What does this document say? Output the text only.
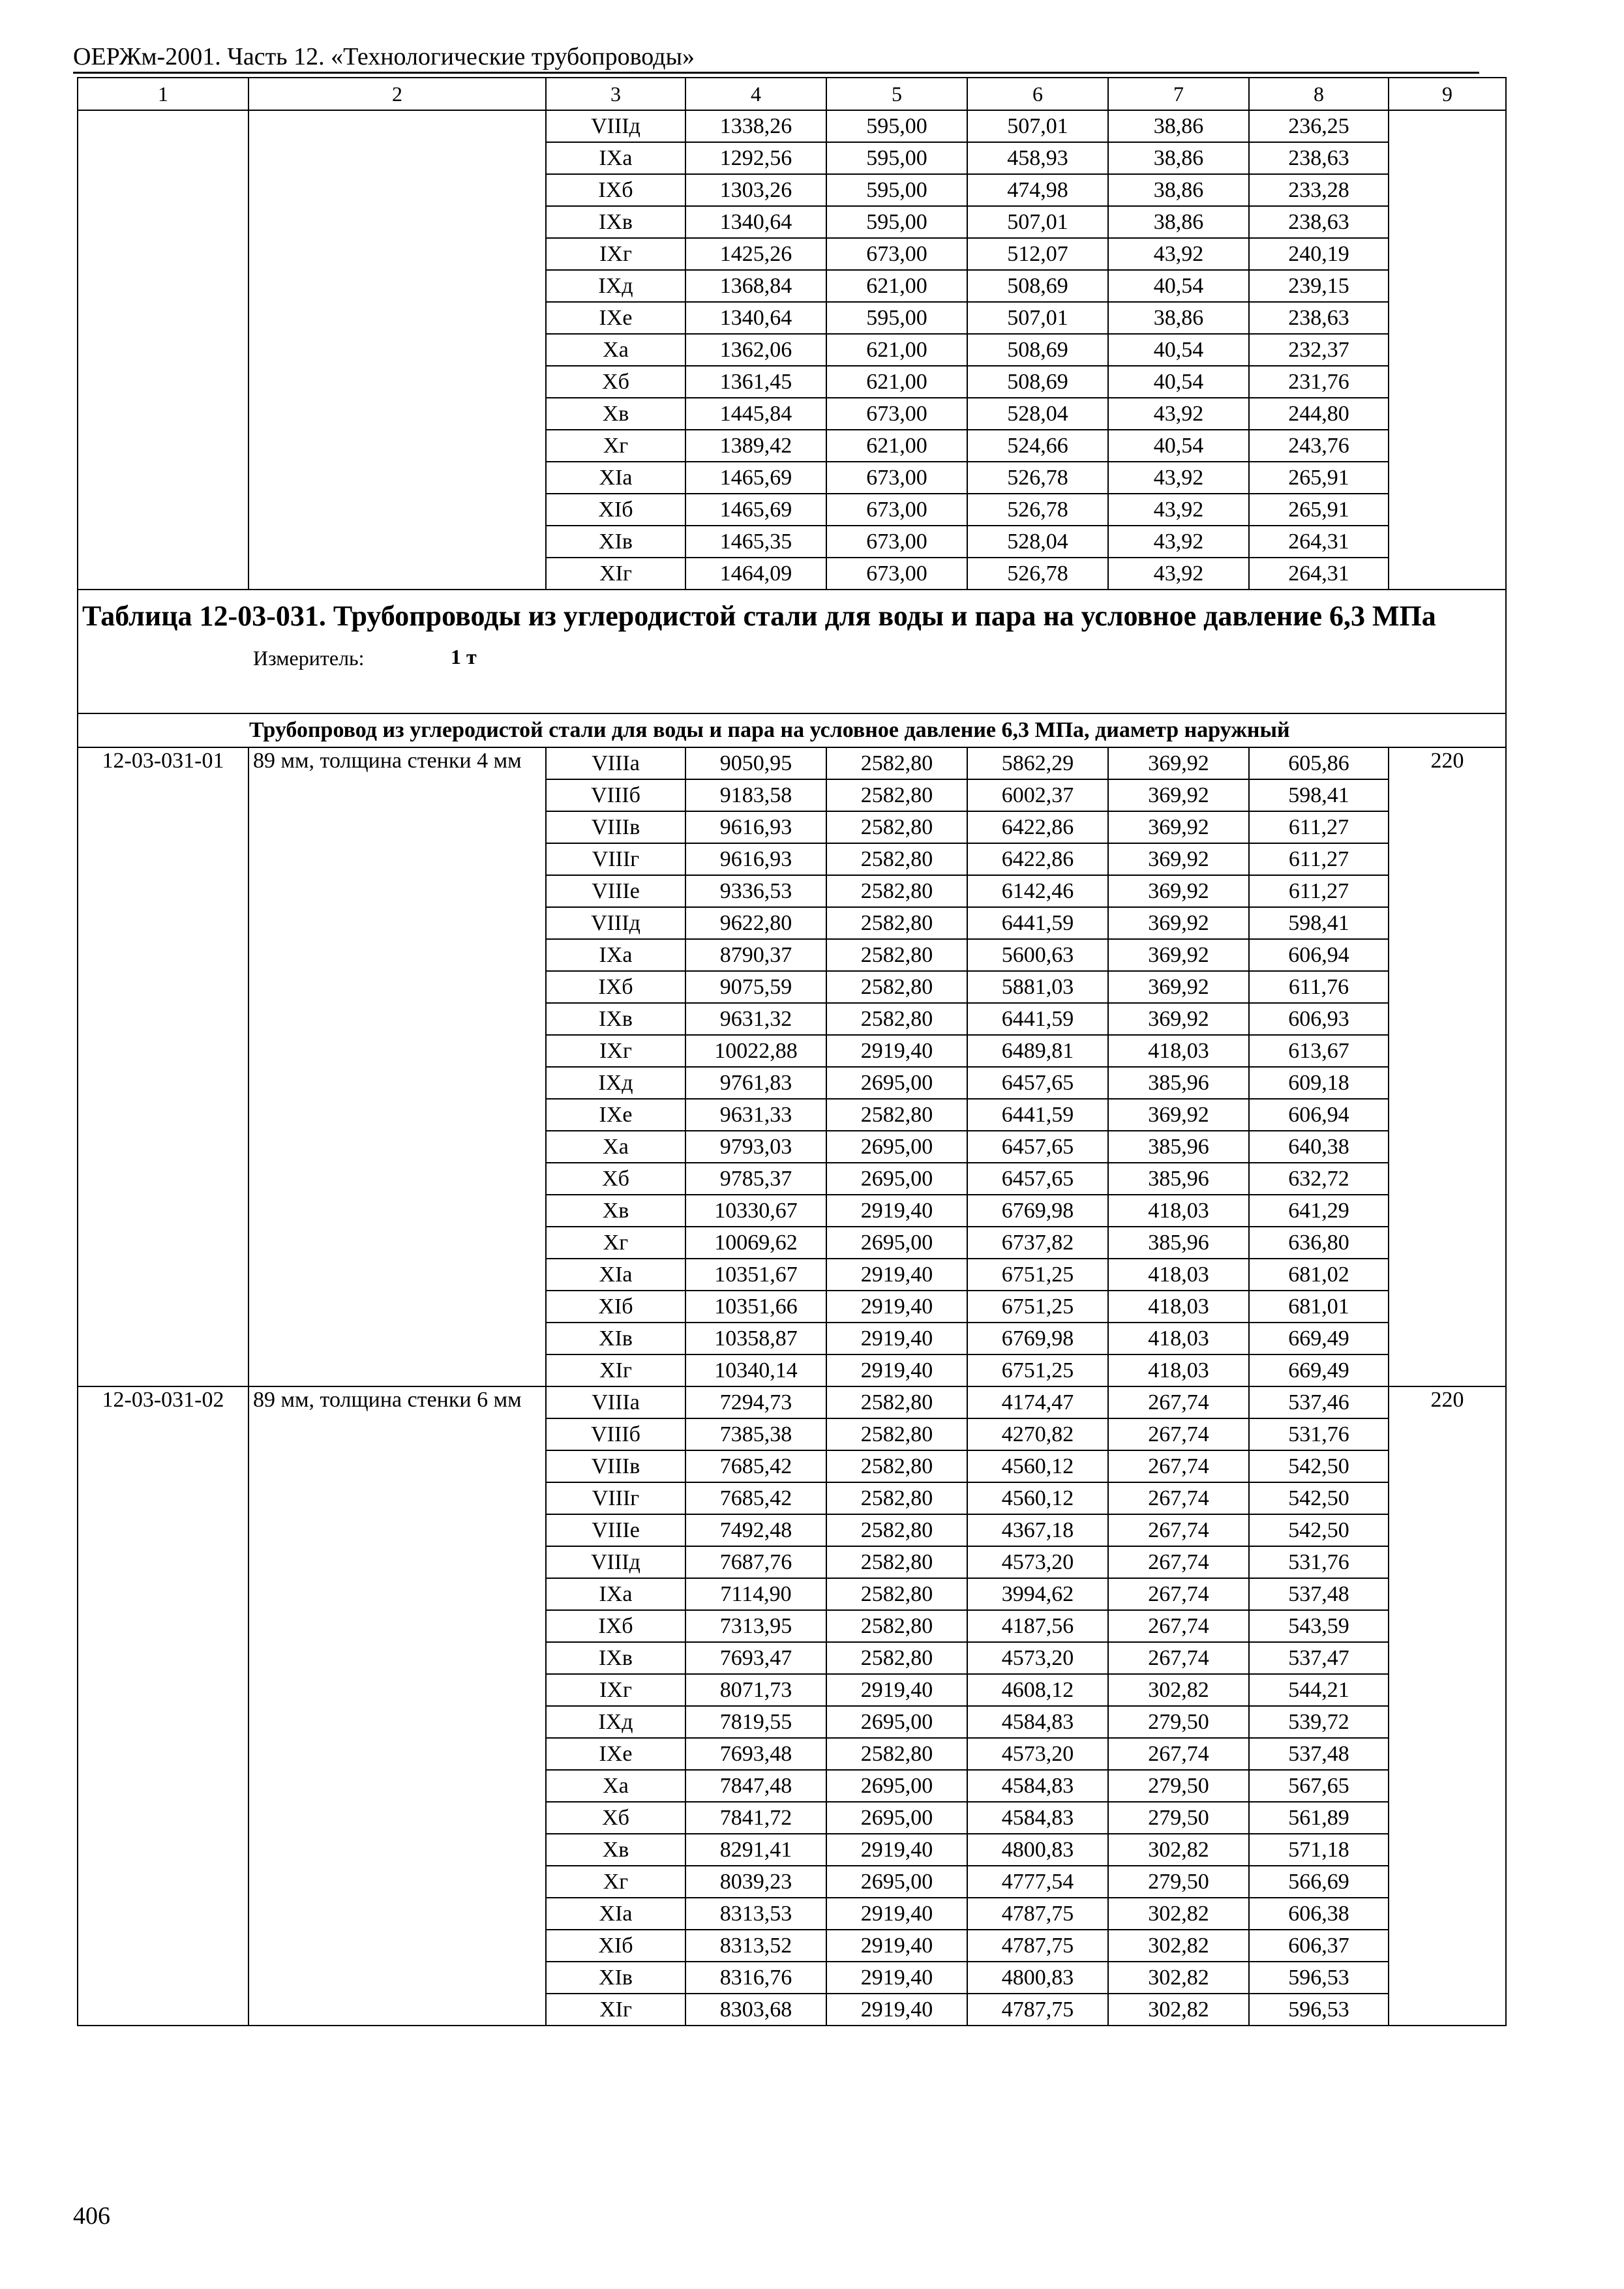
ОЕРЖм-2001. Часть 12. «Технологические трубопроводы»
1	2	3	4	5	6	7	8	9
		VIIIд	1338,26	595,00	507,01	38,86	236,25	
		IXа	1292,56	595,00	458,93	38,86	238,63	
		IXб	1303,26	595,00	474,98	38,86	233,28	
		IXв	1340,64	595,00	507,01	38,86	238,63	
		IXг	1425,26	673,00	512,07	43,92	240,19	
		IXд	1368,84	621,00	508,69	40,54	239,15	
		IXе	1340,64	595,00	507,01	38,86	238,63	
		Xа	1362,06	621,00	508,69	40,54	232,37	
		Xб	1361,45	621,00	508,69	40,54	231,76	
		Xв	1445,84	673,00	528,04	43,92	244,80	
		Xг	1389,42	621,00	524,66	40,54	243,76	
		XIа	1465,69	673,00	526,78	43,92	265,91	
		XIб	1465,69	673,00	526,78	43,92	265,91	
		XIв	1465,35	673,00	528,04	43,92	264,31	
		XIг	1464,09	673,00	526,78	43,92	264,31	

Таблица 12-03-031. Трубопроводы из углеродистой стали для воды и пара на условное давление 6,3 МПа
Измеритель: 1 т								

Трубопровод из углеродистой стали для воды и пара на условное давление 6,3 МПа, диаметр наружный								
12-03-031-01	89 мм, толщина стенки 4 мм	VIIIа	9050,95	2582,80	5862,29	369,92	605,86	220
		VIIIб	9183,58	2582,80	6002,37	369,92	598,41	
		VIIIв	9616,93	2582,80	6422,86	369,92	611,27	
		VIIIг	9616,93	2582,80	6422,86	369,92	611,27	
		VIIIе	9336,53	2582,80	6142,46	369,92	611,27	
		VIIIд	9622,80	2582,80	6441,59	369,92	598,41	
		IXа	8790,37	2582,80	5600,63	369,92	606,94	
		IXб	9075,59	2582,80	5881,03	369,92	611,76	
		IXв	9631,32	2582,80	6441,59	369,92	606,93	
		IXг	10022,88	2919,40	6489,81	418,03	613,67	
		IXд	9761,83	2695,00	6457,65	385,96	609,18	
		IXе	9631,33	2582,80	6441,59	369,92	606,94	
		Xа	9793,03	2695,00	6457,65	385,96	640,38	
		Xб	9785,37	2695,00	6457,65	385,96	632,72	
		Xв	10330,67	2919,40	6769,98	418,03	641,29	
		Xг	10069,62	2695,00	6737,82	385,96	636,80	
		XIа	10351,67	2919,40	6751,25	418,03	681,02	
		XIб	10351,66	2919,40	6751,25	418,03	681,01	
		XIв	10358,87	2919,40	6769,98	418,03	669,49	
		XIг	10340,14	2919,40	6751,25	418,03	669,49	
12-03-031-02	89 мм, толщина стенки 6 мм	VIIIа	7294,73	2582,80	4174,47	267,74	537,46	220
		VIIIб	7385,38	2582,80	4270,82	267,74	531,76	
		VIIIв	7685,42	2582,80	4560,12	267,74	542,50	
		VIIIг	7685,42	2582,80	4560,12	267,74	542,50	
		VIIIе	7492,48	2582,80	4367,18	267,74	542,50	
		VIIIд	7687,76	2582,80	4573,20	267,74	531,76	
		IXа	7114,90	2582,80	3994,62	267,74	537,48	
		IXб	7313,95	2582,80	4187,56	267,74	543,59	
		IXв	7693,47	2582,80	4573,20	267,74	537,47	
		IXг	8071,73	2919,40	4608,12	302,82	544,21	
		IXд	7819,55	2695,00	4584,83	279,50	539,72	
		IXе	7693,48	2582,80	4573,20	267,74	537,48	
		Xа	7847,48	2695,00	4584,83	279,50	567,65	
		Xб	7841,72	2695,00	4584,83	279,50	561,89	
		Xв	8291,41	2919,40	4800,83	302,82	571,18	
		Xг	8039,23	2695,00	4777,54	279,50	566,69	
		XIа	8313,53	2919,40	4787,75	302,82	606,38	
		XIб	8313,52	2919,40	4787,75	302,82	606,37	
		XIв	8316,76	2919,40	4800,83	302,82	596,53	
		XIг	8303,68	2919,40	4787,75	302,82	596,53	
406
